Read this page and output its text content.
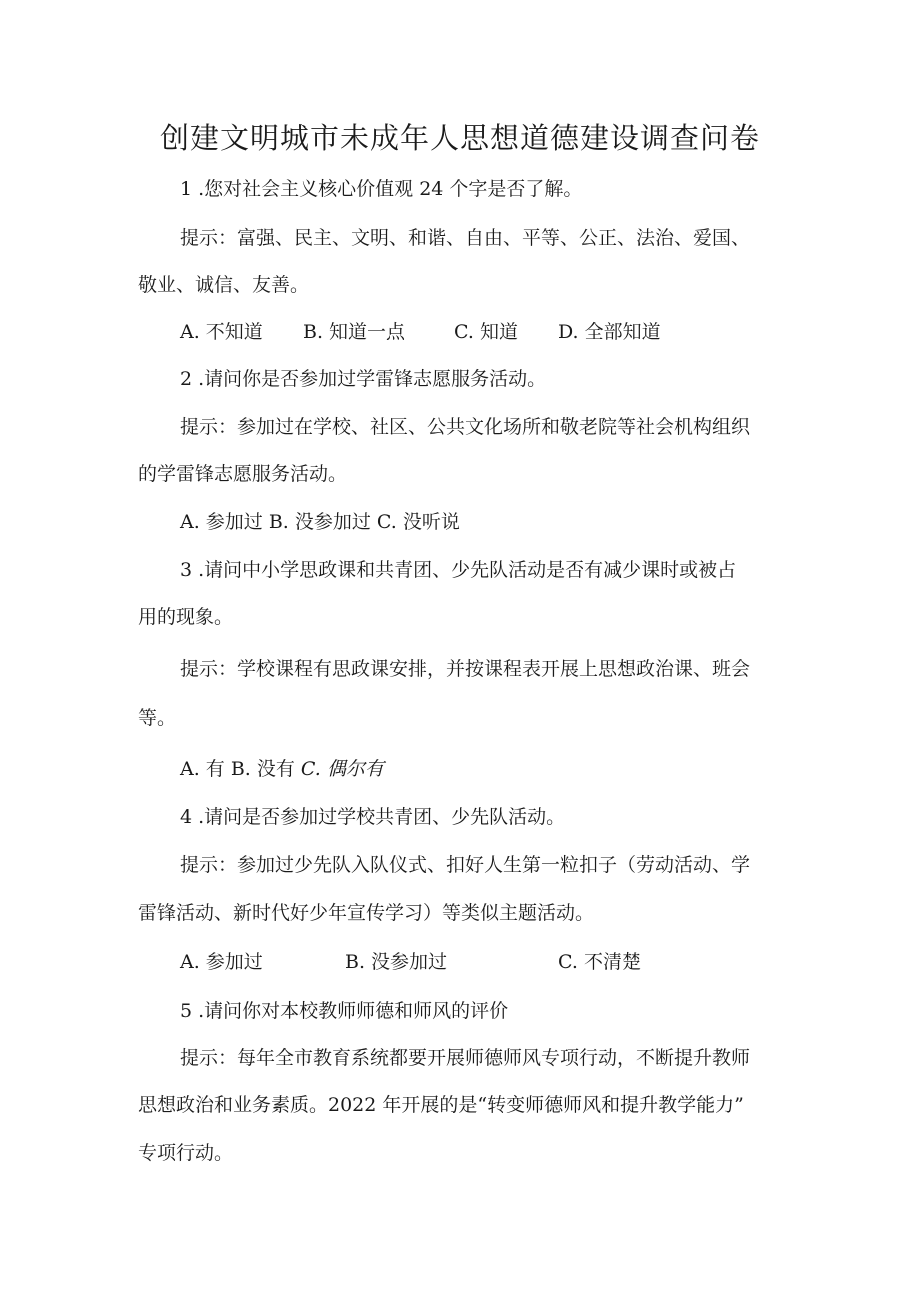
创建文明城市未成年人思想道德建设调查问卷
1 .您对社会主义核心价值观 24 个字是否了解。
提示：富强、民主、文明、和谐、自由、平等、公正、法治、爱国、
敬业、诚信、友善。
A. 不知道 B. 知道一点	C. 知道 D. 全部知道
2 .请问你是否参加过学雷锋志愿服务活动。
提示：参加过在学校、社区、公共文化场所和敬老院等社会机构组织
的学雷锋志愿服务活动。
A. 参加过 B. 没参加过 C. 没听说
3 .请问中小学思政课和共青团、少先队活动是否有减少课时或被占
用的现象。
提示：学校课程有思政课安排，并按课程表开展上思想政治课、班会
等。
A. 有 B. 没有 C. 偶尔有
4 .请问是否参加过学校共青团、少先队活动。
提示：参加过少先队入队仪式、扣好人生第一粒扣子（劳动活动、学
雷锋活动、新时代好少年宣传学习）等类似主题活动。
A. 参加过	B. 没参加过	C. 不清楚
5 .请问你对本校教师师德和师风的评价
提示：每年全市教育系统都要开展师德师风专项行动，不断提升教师
思想政治和业务素质。2022 年开展的是“转变师德师风和提升教学能力”
专项行动。
